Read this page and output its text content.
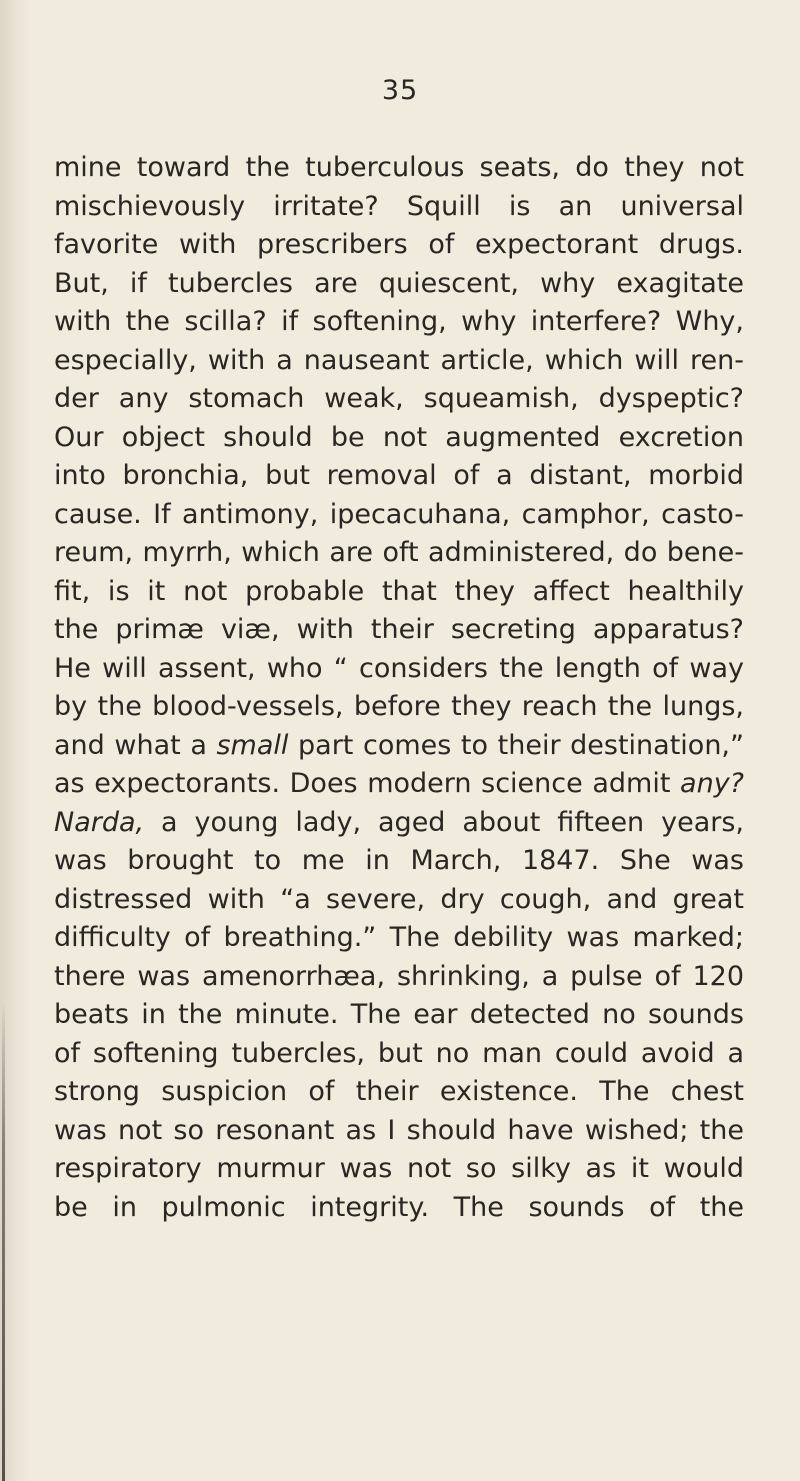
35
mine toward the tuberculous seats, do they not
mischievously irritate? Squill is an universal
favorite with prescribers of expectorant drugs.
But, if tubercles are quiescent, why exagitate
with the scilla? if softening, why interfere? Why,
especially, with a nauseant article, which will ren-
der any stomach weak, squeamish, dyspeptic?
Our object should be not augmented excretion
into bronchia, but removal of a distant, morbid
cause. If antimony, ipecacuhana, camphor, casto-
reum, myrrh, which are oft administered, do bene-
fit, is it not probable that they affect healthily
the primæ viæ, with their secreting apparatus?
He will assent, who “ considers the length of way
by the blood-vessels, before they reach the lungs,
and what a small part comes to their destination,”
as expectorants. Does modern science admit any?
Narda, a young lady, aged about fifteen years,
was brought to me in March, 1847. She was
distressed with “a severe, dry cough, and great
difficulty of breathing.” The debility was marked;
there was amenorrhæa, shrinking, a pulse of 120
beats in the minute. The ear detected no sounds
of softening tubercles, but no man could avoid a
strong suspicion of their existence. The chest
was not so resonant as I should have wished; the
respiratory murmur was not so silky as it would
be in pulmonic integrity. The sounds of the
